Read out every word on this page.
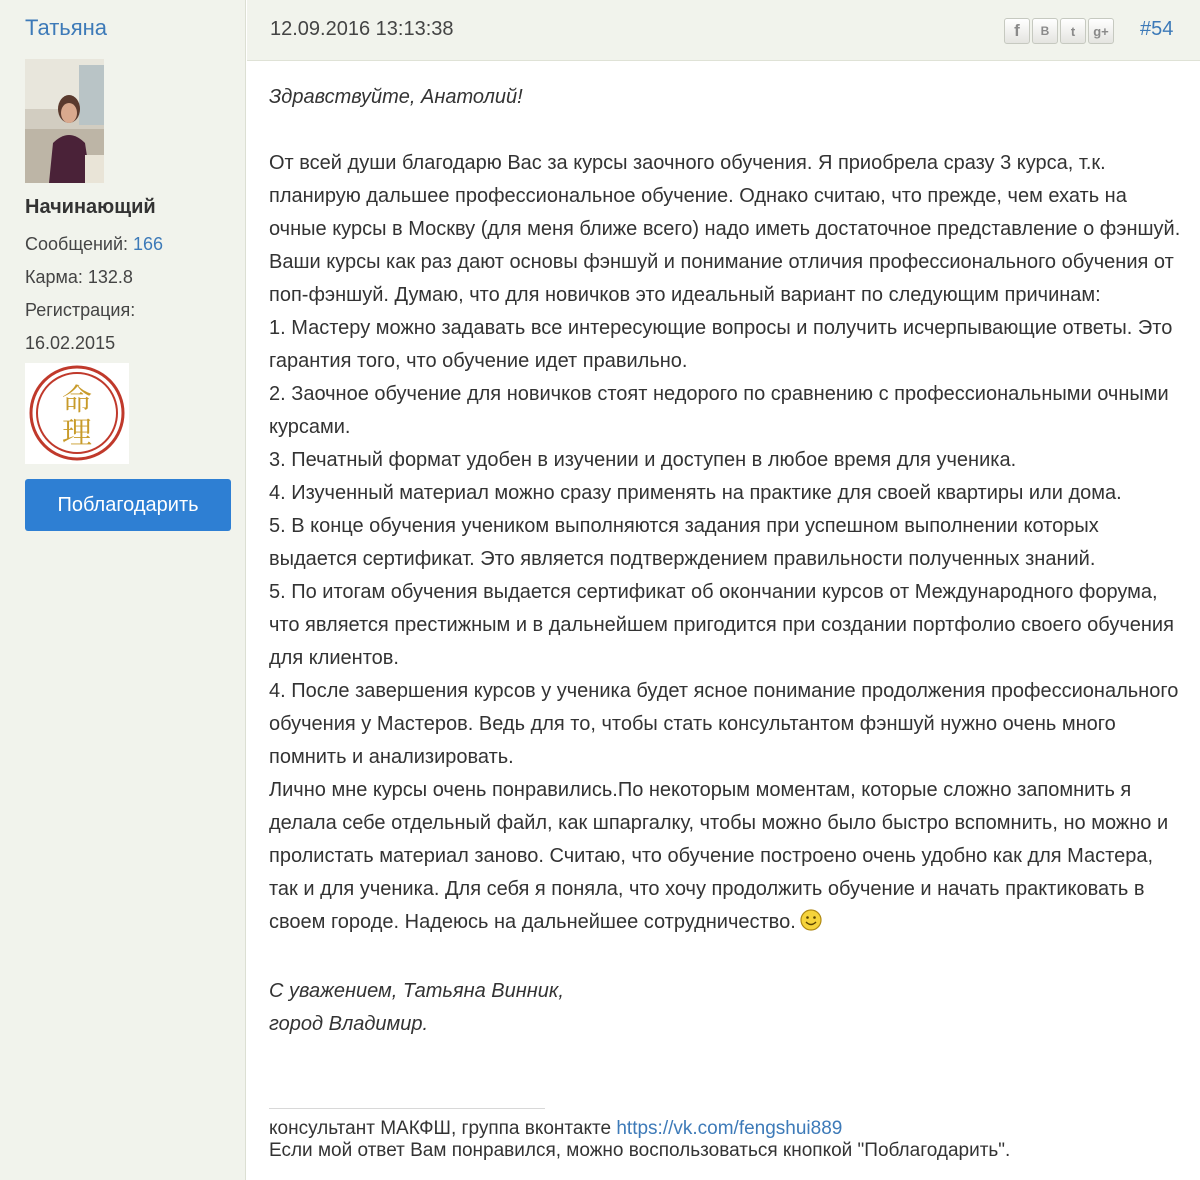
Татьяна
Начинающий
Сообщений: 166
Карма: 132.8
Регистрация:
16.02.2015
命
理
Поблагодарить
12.09.2016 13:13:38	f	B	t	g+ #54

Здравствуйте, Анатолий!

От всей души благодарю Вас за курсы заочного обучения. Я приобрела сразу 3 курса, т.к. планирую дальшее профессиональное обучение. Однако считаю, что прежде, чем ехать на очные курсы в Москву (для меня ближе всего) надо иметь достаточное представление о фэншуй. Ваши курсы как раз дают основы фэншуй и понимание отличия профессионального обучения от поп-фэншуй. Думаю, что для новичков это идеальный вариант по следующим причинам:

1. Мастеру можно задавать все интересующие вопросы и получить исчерпывающие ответы. Это гарантия того, что обучение идет правильно.

2. Заочное обучение для новичков стоят недорого по сравнению с профессиональными очными курсами.

3. Печатный формат удобен в изучении и доступен в любое время для ученика.

4. Изученный материал можно сразу применять на практике для своей квартиры или дома.

5. В конце обучения учеником выполняются задания при успешном выполнении которых выдается сертификат. Это является подтверждением правильности полученных знаний.

5. По итогам обучения выдается сертификат об окончании курсов от Международного форума, что является престижным и в дальнейшем пригодится при создании портфолио своего обучения для клиентов.

4. После завершения курсов у ученика будет ясное понимание продолжения профессионального обучения у Мастеров. Ведь для то, чтобы стать консультантом фэншуй нужно очень много помнить и анализировать.

Лично мне курсы очень понравились.По некоторым моментам, которые сложно запомнить я делала себе отдельный файл, как шпаргалку, чтобы можно было быстро вспомнить, но можно и пролистать материал заново. Считаю, что обучение построено очень удобно как для Мастера, так и для ученика. Для себя я поняла, что хочу продолжить обучение и начать практиковать в своем городе. Надеюсь на дальнейшее сотрудничество.

С уважением, Татьяна Винник,

город Владимир.

консультант МАКФШ, группа вконтакте https://vk.com/fengshui889
Если мой ответ Вам понравился, можно воспользоваться кнопкой "Поблагодарить".
